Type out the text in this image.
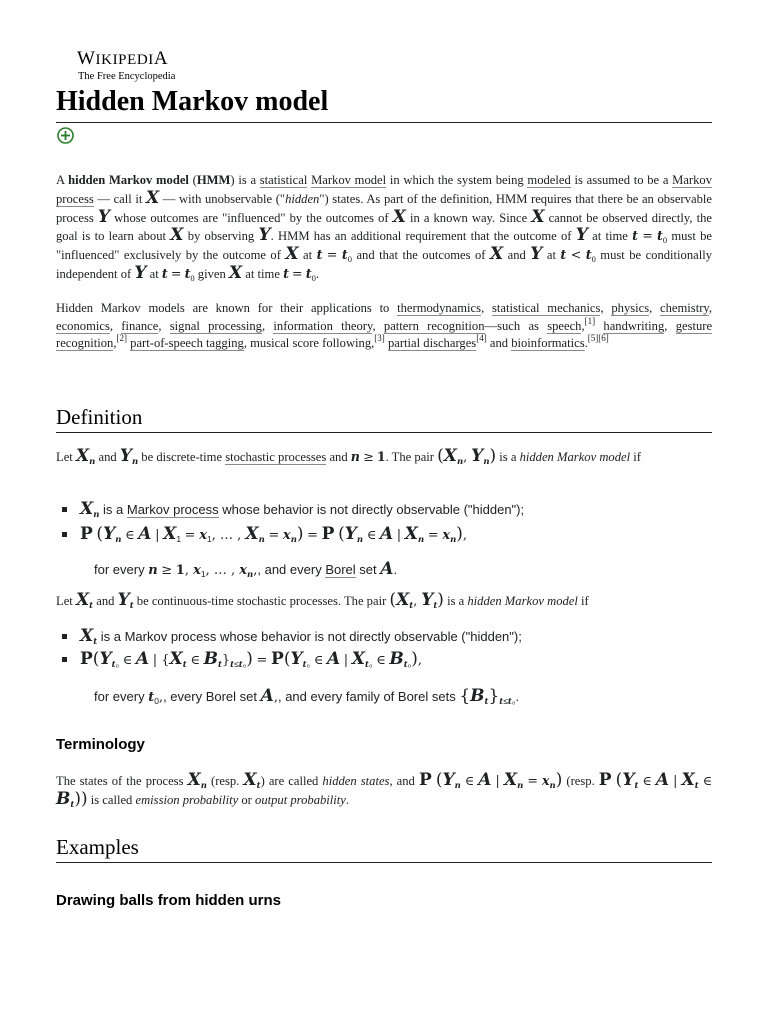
WIKIPEDIA
The Free Encyclopedia
Hidden Markov model

A hidden Markov model (HMM) is a statistical Markov model in which the system being modeled is assumed to be a Markov process — call it X — with unobservable ("hidden") states. As part of the definition, HMM requires that there be an observable process Y whose outcomes are "influenced" by the outcomes of X in a known way. Since X cannot be observed directly, the goal is to learn about X by observing Y. HMM has an additional requirement that the outcome of Y at time $t = t_0$ must be "influenced" exclusively by the outcome of X at $t = t_0$ and that the outcomes of X and Y at $t < t_0$ must be conditionally independent of Y at $t = t_0$ given X at time $t = t_0$.

Hidden Markov models are known for their applications to thermodynamics, statistical mechanics, physics, chemistry, economics, finance, signal processing, information theory, pattern recognition—such as speech,[1] handwriting, gesture recognition,[2] part-of-speech tagging, musical score following,[3] partial discharges[4] and bioinformatics.[5][6]

Definition

Let $X_n$ and $Y_n$ be discrete-time stochastic processes and n ≥ 1. The pair ($X_n$, $Y_n$) is a hidden Markov model if

$X_n$ is a Markov process whose behavior is not directly observable ("hidden");
P ($Y_n$ ∈ A | $X_1 = x_1$, … , $X_n = x_n) = P$ ($Y_n$ ∈ A | $X_n = x_n$),
for every n ≥ 1, $x_1$, … , $x_n$,, and every Borel set A.

Let $X_t$ and $Y_t$ be continuous-time stochastic processes. The pair ($X_t$, $Y_t$) is a hidden Markov model if

$X_t$ is a Markov process whose behavior is not directly observable ("hidden");
$P(Y_{t_0}$ ∈ A | {$X_t$ ∈ $B_t\}_{t\le t_0}) = P(Y_{t_0}$ ∈ A | $X_{t_0}$ ∈ $B_{t_0}$),
for every $t_0$,, every Borel set A,, and every family of Borel sets $\{B_t\}_{t\le t_0}$.
Terminology

The states of the process $X_n$ (resp. $X_t$) are called hidden states, and P ($Y_n$ ∈ A | $X_n = x_n$) (resp. P ($Y_t$ ∈ A | $X_t$ ∈ $B_t$)) is called emission probability or output probability.

Examples
Drawing balls from hidden urns
